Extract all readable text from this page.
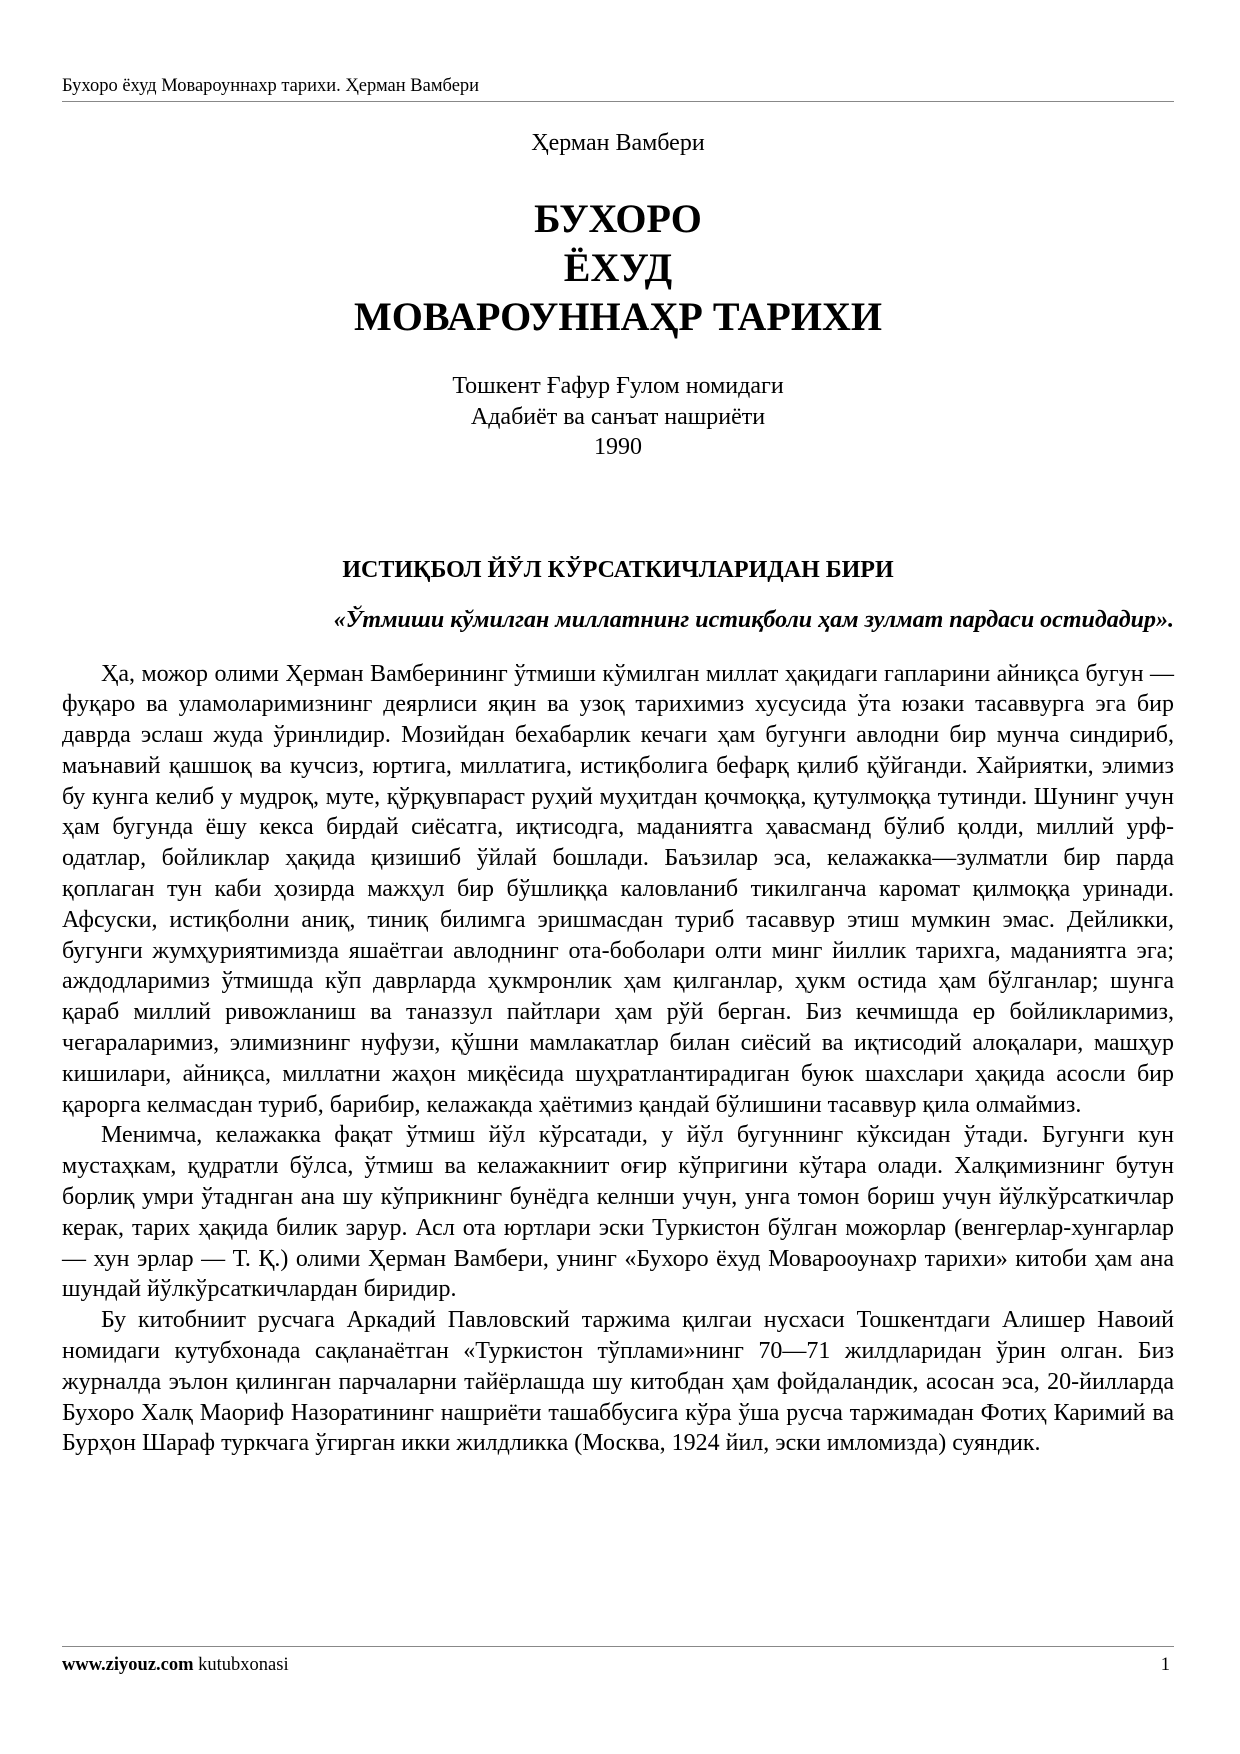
Бухоро ёхуд Мовароуннахр тарихи. Ҳерман Вамбери
Ҳерман Вамбери
БУХОРО
ЁХУД
МОВАРОУННАҲР ТАРИХИ
Тошкент Ғафур Ғулом номидаги
Адабиёт ва санъат нашриёти
1990
ИСТИҚБОЛ ЙЎЛ КЎРСАТКИЧЛАРИДАН БИРИ
«Ўтмиши кўмилган миллатнинг истиқболи ҳам зулмат пардаси остидадир».

Ҳа, можор олими Ҳерман Вамберининг ўтмиши кўмилган миллат ҳақидаги гапларини айниқса бугун — фуқаро ва уламоларимизнинг деярлиси яқин ва узоқ тарихимиз хусусида ўта юзаки тасаввурга эга бир даврда эслаш жуда ўринлидир. Мозийдан бехабарлик кечаги ҳам бугунги авлодни бир мунча синдириб, маънавий қашшоқ ва кучсиз, юртига, миллатига, истиқболига бефарқ қилиб қўйганди. Хайриятки, элимиз бу кунга келиб у мудроқ, муте, қўрқувпараст руҳий муҳитдан қочмоққа, қутулмоққа тутинди. Шунинг учун ҳам бугунда ёшу кекса бирдай сиёсатга, иқтисодга, маданиятга ҳавасманд бўлиб қолди, миллий урф-одатлар, бойликлар ҳақида қизишиб ўйлай бошлади. Баъзилар эса, келажакка—зулматли бир парда қоплаган тун каби ҳозирда мажҳул бир бўшлиққа каловланиб тикилганча каромат қилмоққа уринади. Афсуски, истиқболни аниқ, тиниқ билимга эришмасдан туриб тасаввур этиш мумкин эмас. Дейликки, бугунги жумҳуриятимизда яшаётгаи авлоднинг ота-боболари олти минг йиллик тарихга, маданиятга эга; аждодларимиз ўтмишда кўп даврларда ҳукмронлик ҳам қилганлар, ҳукм остида ҳам бўлганлар; шунга қараб миллий ривожланиш ва таназзул пайтлари ҳам рўй берган. Биз кечмишда ер бойликларимиз, чегараларимиз, элимизнинг нуфузи, қўшни мамлакатлар билан сиёсий ва иқтисодий алоқалари, машҳур кишилари, айниқса, миллатни жаҳон миқёсида шуҳратлантирадиган буюк шахслари ҳақида асосли бир қарорга келмасдан туриб, барибир, келажакда ҳаётимиз қандай бўлишини тасаввур қила олмаймиз.

Менимча, келажакка фақат ўтмиш йўл кўрсатади, у йўл бугуннинг кўксидан ўтади. Бугунги кун мустаҳкам, қудратли бўлса, ўтмиш ва келажакниит оғир кўпригини кўтара олади. Халқимизнинг бутун борлиқ умри ўтаднган ана шу кўприкнинг бунёдга келнши учун, унга томон бориш учун йўлкўрсаткичлар керак, тарих ҳақида билик зарур. Асл ота юртлари эски Туркистон бўлган можорлар (венгерлар-хунгарлар — хун эрлар — Т. Қ.) олими Ҳерман Вамбери, унинг «Бухоро ёхуд Моварооунахр тарихи» китоби ҳам ана шундай йўлкўрсаткичлардан биридир.

Бу китобниит русчага Аркадий Павловский таржима қилгаи нусхаси Тошкентдаги Алишер Навоий номидаги кутубхонада сақланаётган «Туркистон тўплами»нинг 70—71 жилдларидан ўрин олган. Биз журналда эълон қилинган парчаларни тайёрлашда шу китобдан ҳам фойдаландик, асосан эса, 20-йилларда Бухоро Халқ Маориф Назоратининг нашриёти ташаббусига кўра ўша русча таржимадан Фотиҳ Каримий ва Бурҳон Шараф туркчага ўгирган икки жилдликка (Москва, 1924 йил, эски имломизда) суяндик.

www.ziyouz.com kutubxonasi	1
